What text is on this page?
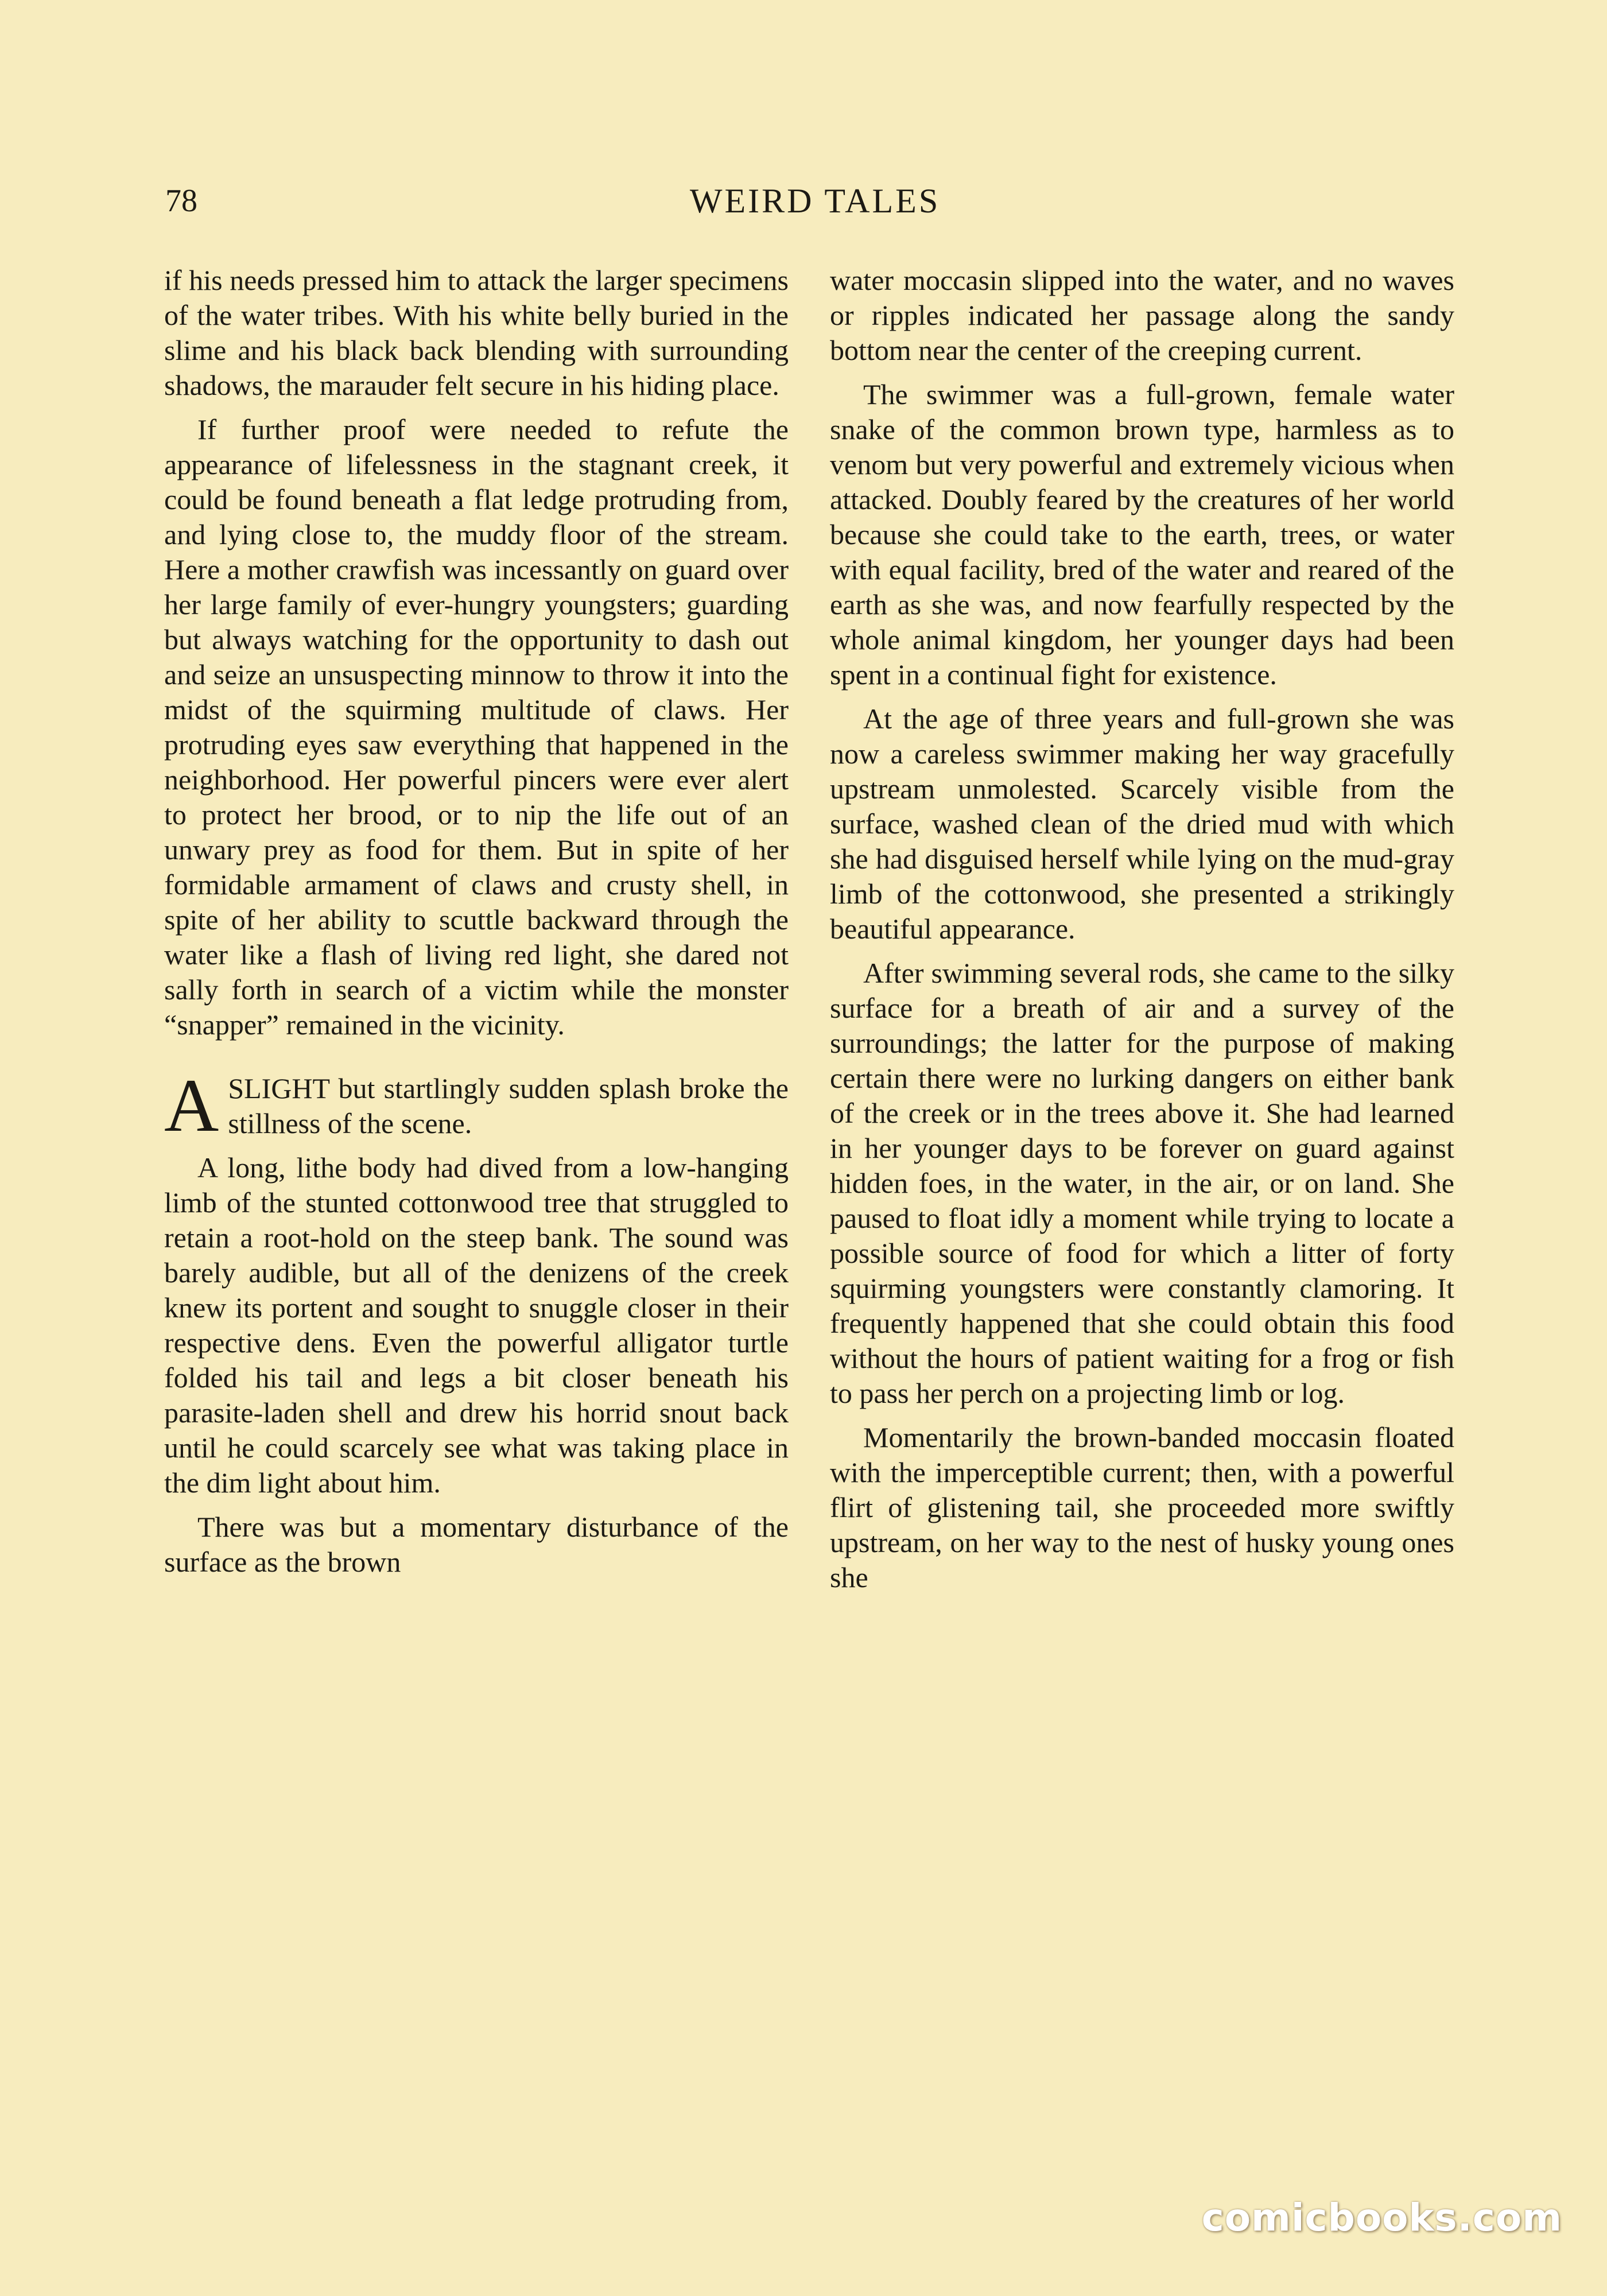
78	WEIRD TALES

if his needs pressed him to attack the larger specimens of the water tribes. With his white belly buried in the slime and his black back blending with surrounding shadows, the marauder felt secure in his hiding place.

If further proof were needed to refute the appearance of lifelessness in the stagnant creek, it could be found beneath a flat ledge protruding from, and lying close to, the muddy floor of the stream. Here a mother crawfish was incessantly on guard over her large family of ever-hungry youngsters; guarding but always watching for the opportunity to dash out and seize an unsuspecting minnow to throw it into the midst of the squirming multitude of claws. Her protruding eyes saw everything that happened in the neighborhood. Her powerful pincers were ever alert to protect her brood, or to nip the life out of an unwary prey as food for them. But in spite of her formidable armament of claws and crusty shell, in spite of her ability to scuttle backward through the water like a flash of living red light, she dared not sally forth in search of a victim while the monster “snapper” remained in the vicinity.

A SLIGHT but startlingly sudden splash broke the stillness of the scene.

A long, lithe body had dived from a low-hanging limb of the stunted cottonwood tree that struggled to retain a root-hold on the steep bank. The sound was barely audible, but all of the denizens of the creek knew its portent and sought to snuggle closer in their respective dens. Even the powerful alligator turtle folded his tail and legs a bit closer beneath his parasite-laden shell and drew his horrid snout back until he could scarcely see what was taking place in the dim light about him.

There was but a momentary disturbance of the surface as the brown

water moccasin slipped into the water, and no waves or ripples indicated her passage along the sandy bottom near the center of the creeping current.

The swimmer was a full-grown, female water snake of the common brown type, harmless as to venom but very powerful and extremely vicious when attacked. Doubly feared by the creatures of her world because she could take to the earth, trees, or water with equal facility, bred of the water and reared of the earth as she was, and now fearfully respected by the whole animal kingdom, her younger days had been spent in a continual fight for existence.

At the age of three years and full-grown she was now a careless swimmer making her way gracefully upstream unmolested. Scarcely visible from the surface, washed clean of the dried mud with which she had disguised herself while lying on the mud-gray limb of the cottonwood, she presented a strikingly beautiful appearance.

After swimming several rods, she came to the silky surface for a breath of air and a survey of the surroundings; the latter for the purpose of making certain there were no lurking dangers on either bank of the creek or in the trees above it. She had learned in her younger days to be forever on guard against hidden foes, in the water, in the air, or on land. She paused to float idly a moment while trying to locate a possible source of food for which a litter of forty squirming youngsters were constantly clamoring. It frequently happened that she could obtain this food without the hours of patient waiting for a frog or fish to pass her perch on a projecting limb or log.

Momentarily the brown-banded moccasin floated with the imperceptible current; then, with a powerful flirt of glistening tail, she proceeded more swiftly upstream, on her way to the nest of husky young ones she

comicbooks.com
